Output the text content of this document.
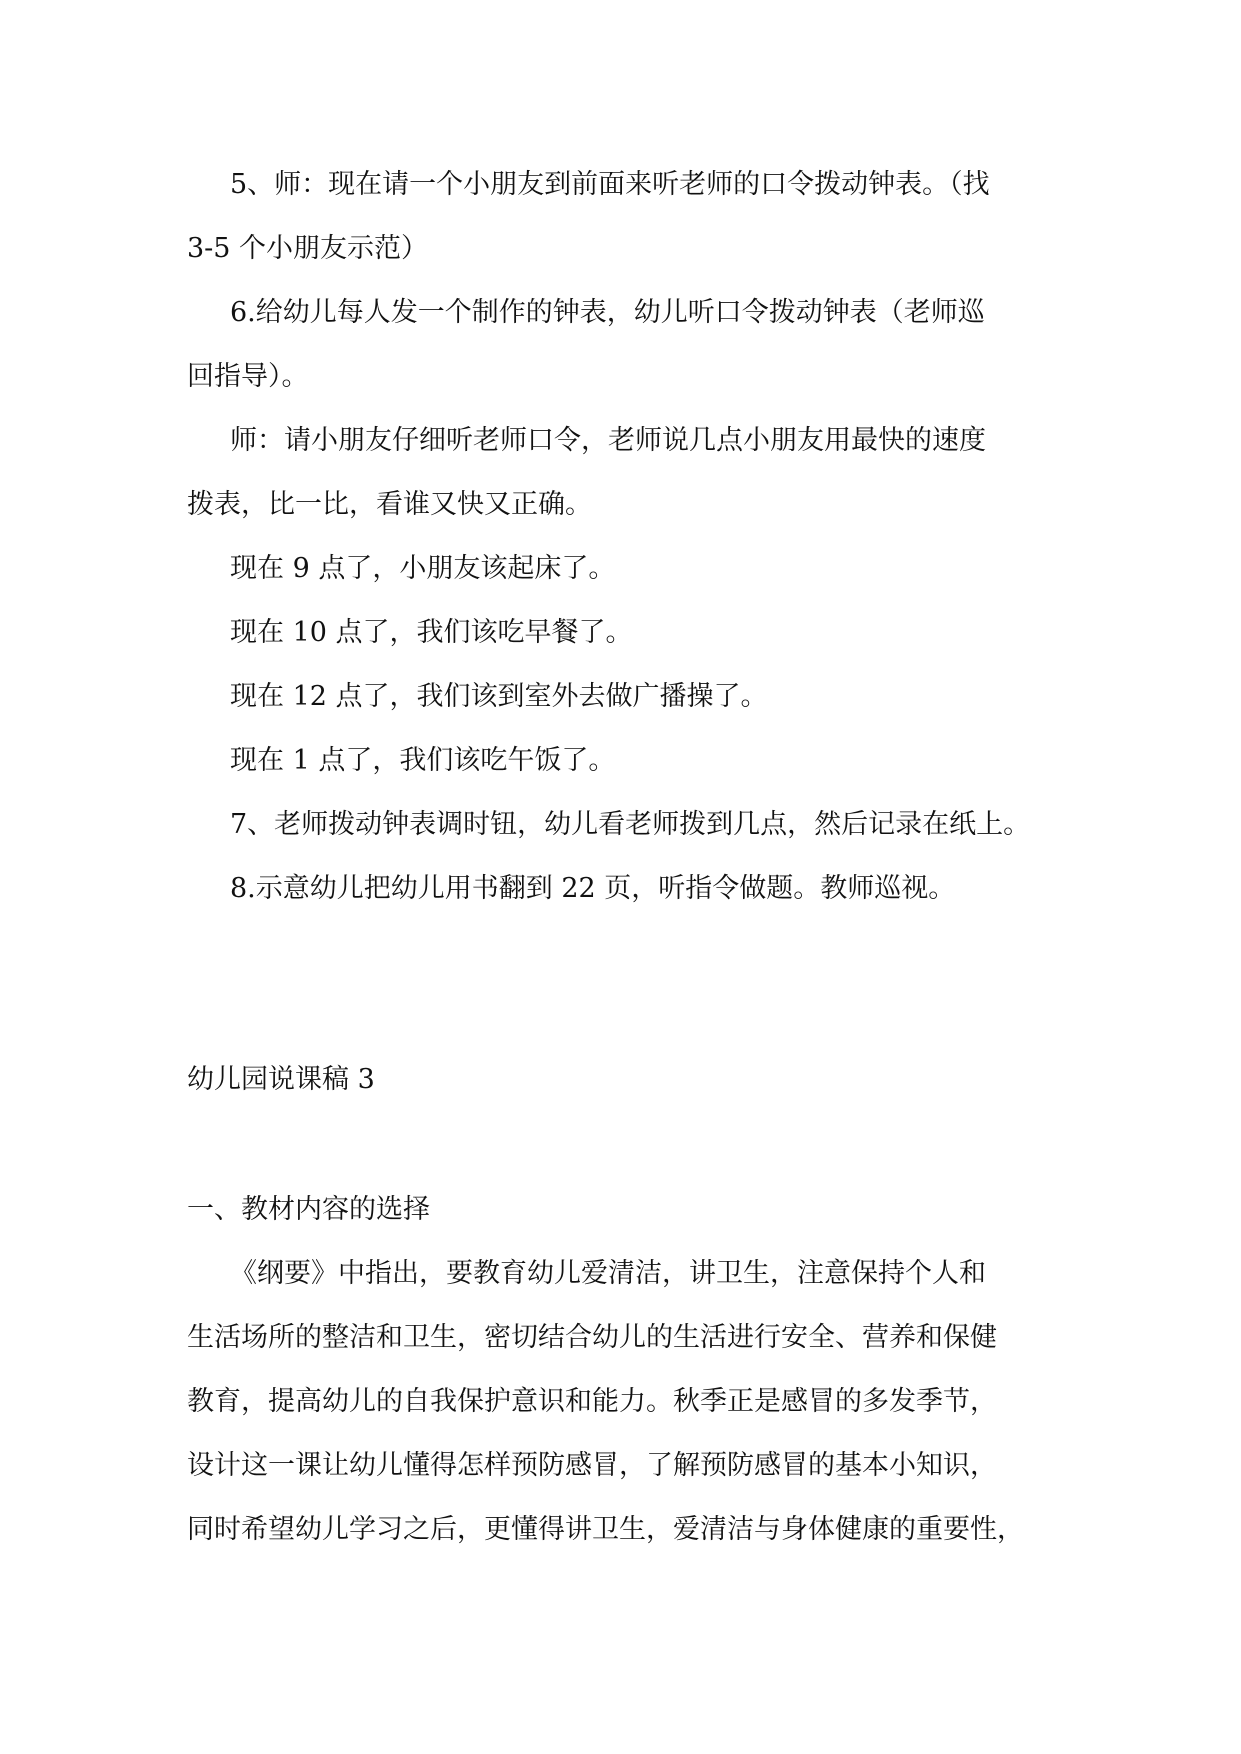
5、师：现在请一个小朋友到前面来听老师的口令拨动钟表。（找
3-5 个小朋友示范）
6.给幼儿每人发一个制作的钟表，幼儿听口令拨动钟表（老师巡
回指导）。
师：请小朋友仔细听老师口令，老师说几点小朋友用最快的速度
拨表，比一比，看谁又快又正确。
现在 9 点了，小朋友该起床了。
现在 10 点了，我们该吃早餐了。
现在 12 点了，我们该到室外去做广播操了。
现在 1 点了，我们该吃午饭了。
7、老师拨动钟表调时钮，幼儿看老师拨到几点，然后记录在纸上。
8.示意幼儿把幼儿用书翻到 22 页，听指令做题。教师巡视。
幼儿园说课稿 3
一、教材内容的选择
《纲要》中指出，要教育幼儿爱清洁，讲卫生，注意保持个人和
生活场所的整洁和卫生，密切结合幼儿的生活进行安全、营养和保健
教育，提高幼儿的自我保护意识和能力。秋季正是感冒的多发季节，
设计这一课让幼儿懂得怎样预防感冒，了解预防感冒的基本小知识，
同时希望幼儿学习之后，更懂得讲卫生，爱清洁与身体健康的重要性，
